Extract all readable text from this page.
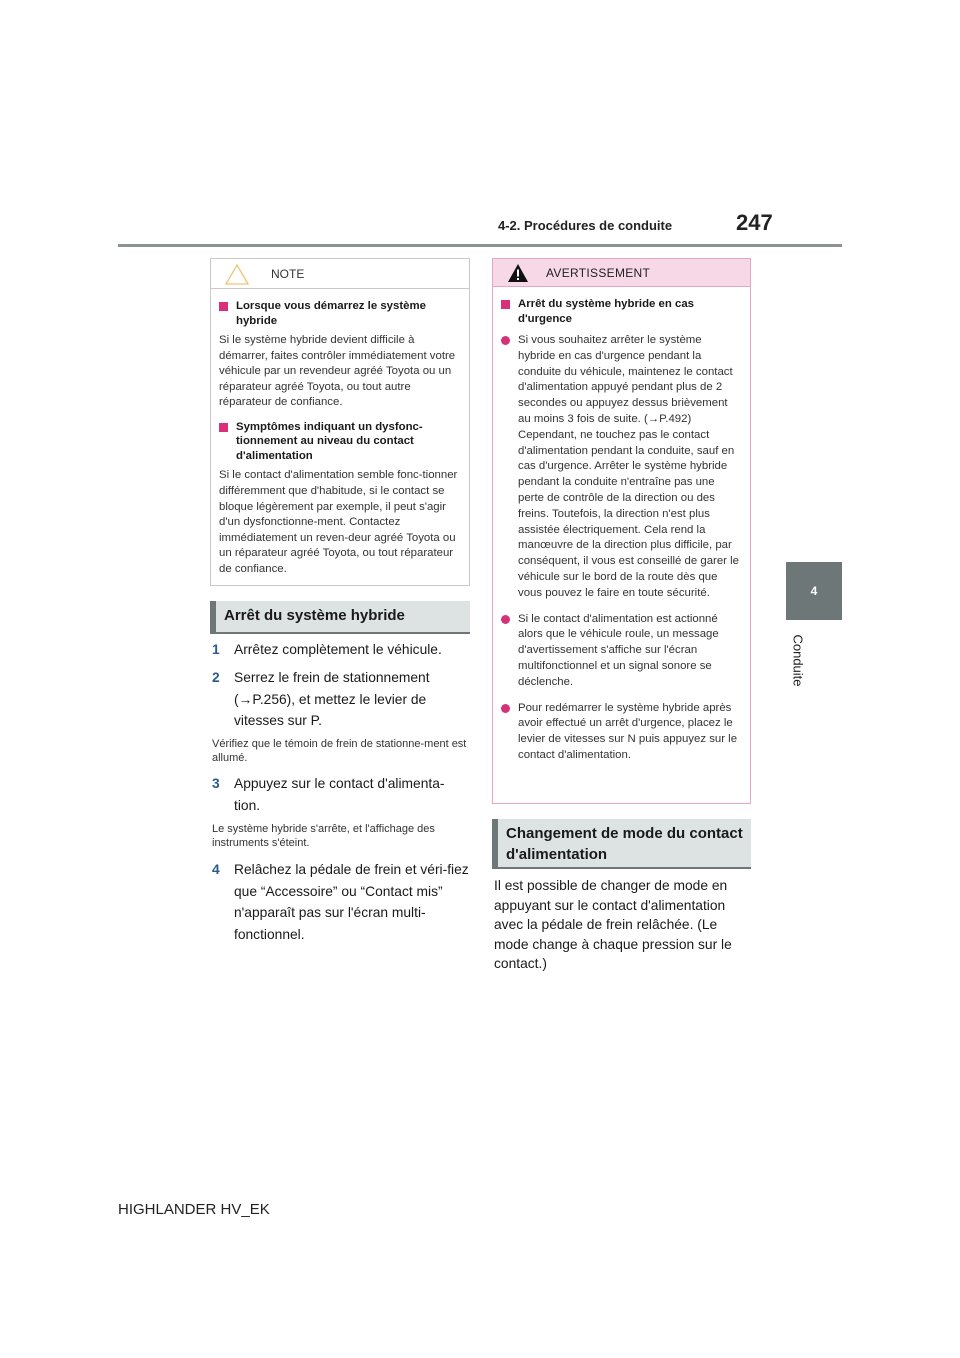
4-2. Procédures de conduite	247
4
Conduite
NOTE
Lorsque vous démarrez le système hybride
Si le système hybride devient difficile à démarrer, faites contrôler immédiatement votre véhicule par un revendeur agréé Toyota ou un réparateur agréé Toyota, ou tout autre réparateur de confiance.
Symptômes indiquant un dysfonc-tionnement au niveau du contact d'alimentation
Si le contact d'alimentation semble fonc-tionner différemment que d'habitude, si le contact se bloque légèrement par exemple, il peut s'agir d'un dysfonctionne-ment. Contactez immédiatement un reven-deur agréé Toyota ou un réparateur agréé Toyota, ou tout réparateur de confiance.
Arrêt du système hybride
1	Arrêtez complètement le véhicule.
2	Serrez le frein de stationnement (→P.256), et mettez le levier de vitesses sur P.
Vérifiez que le témoin de frein de stationne-ment est allumé.
3	Appuyez sur le contact d'alimenta-tion.
Le système hybride s'arrête, et l'affichage des instruments s'éteint.
4	Relâchez la pédale de frein et véri-fiez que “Accessoire” ou “Contact mis” n'apparaît pas sur l'écran multi-fonctionnel.
AVERTISSEMENT
Arrêt du système hybride en cas d'urgence
Si vous souhaitez arrêter le système hybride en cas d'urgence pendant la conduite du véhicule, maintenez le contact d'alimentation appuyé pendant plus de 2 secondes ou appuyez dessus brièvement au moins 3 fois de suite. (→P.492) Cependant, ne touchez pas le contact d'alimentation pendant la conduite, sauf en cas d'urgence. Arrêter le système hybride pendant la conduite n'entraîne pas une perte de contrôle de la direction ou des freins. Toutefois, la direction n'est plus assistée électriquement. Cela rend la manœuvre de la direction plus difficile, par conséquent, il vous est conseillé de garer le véhicule sur le bord de la route dès que vous pouvez le faire en toute sécurité.
Si le contact d'alimentation est actionné alors que le véhicule roule, un message d'avertissement s'affiche sur l'écran multifonctionnel et un signal sonore se déclenche.
Pour redémarrer le système hybride après avoir effectué un arrêt d'urgence, placez le levier de vitesses sur N puis appuyez sur le contact d'alimentation.
Changement de mode du contact d'alimentation
Il est possible de changer de mode en appuyant sur le contact d'alimentation avec la pédale de frein relâchée. (Le mode change à chaque pression sur le contact.)
HIGHLANDER HV_EK
